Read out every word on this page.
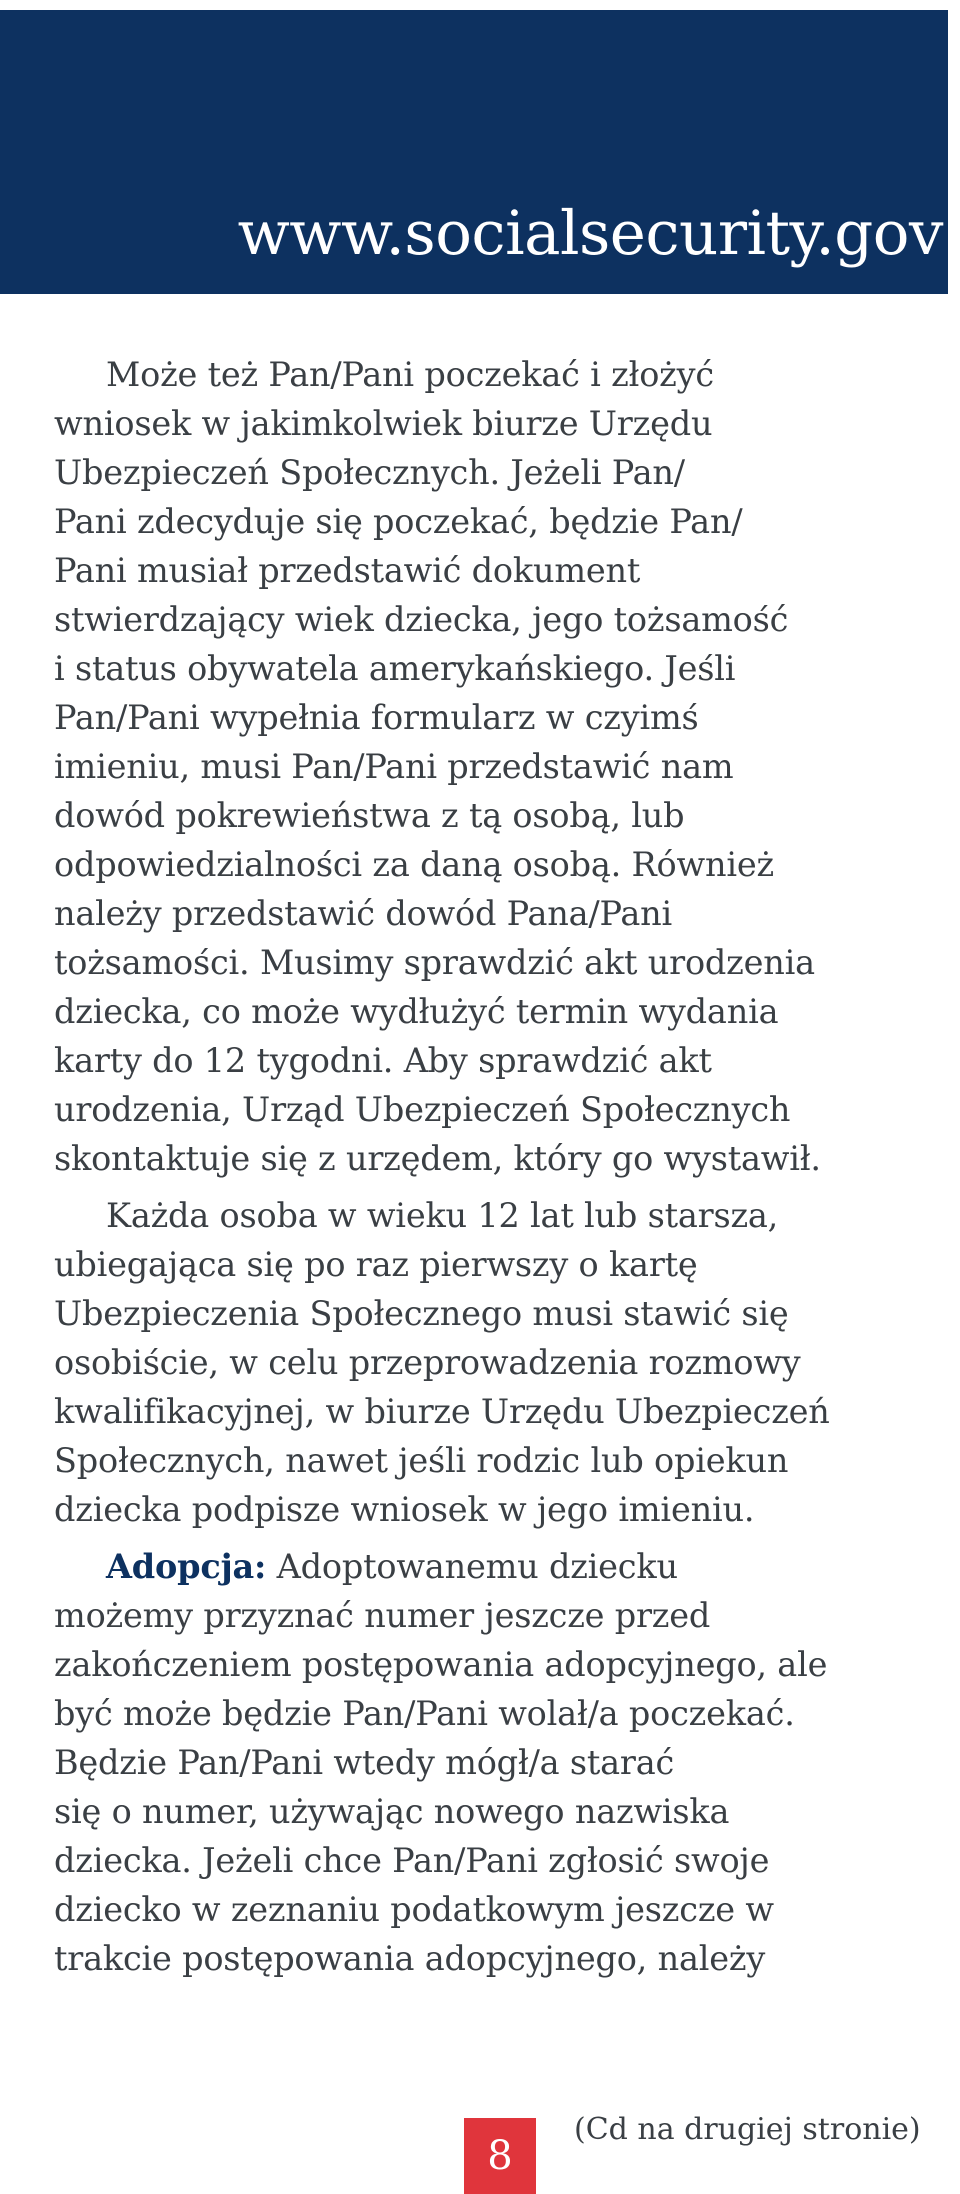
www.socialsecurity.gov
Może też Pan/Pani poczekać i złożyć
wniosek w jakimkolwiek biurze Urzędu
Ubezpieczeń Społecznych. Jeżeli Pan/
Pani zdecyduje się poczekać, będzie Pan/
Pani musiał przedstawić dokument
stwierdzający wiek dziecka, jego tożsamość
i status obywatela amerykańskiego. Jeśli
Pan/Pani wypełnia formularz w czyimś
imieniu, musi Pan/Pani przedstawić nam
dowód pokrewieństwa z tą osobą, lub
odpowiedzialności za daną osobą. Również
należy przedstawić dowód Pana/Pani
tożsamości. Musimy sprawdzić akt urodzenia
dziecka, co może wydłużyć termin wydania
karty do 12 tygodni. Aby sprawdzić akt
urodzenia, Urząd Ubezpieczeń Społecznych
skontaktuje się z urzędem, który go wystawił.
Każda osoba w wieku 12 lat lub starsza,
ubiegająca się po raz pierwszy o kartę
Ubezpieczenia Społecznego musi stawić się
osobiście, w celu przeprowadzenia rozmowy
kwalifikacyjnej, w biurze Urzędu Ubezpieczeń
Społecznych, nawet jeśli rodzic lub opiekun
dziecka podpisze wniosek w jego imieniu.
Adopcja: Adoptowanemu dziecku
możemy przyznać numer jeszcze przed
zakończeniem postępowania adopcyjnego, ale
być może będzie Pan/Pani wolał/a poczekać.
Będzie Pan/Pani wtedy mógł/a starać
się o numer, używając nowego nazwiska
dziecka. Jeżeli chce Pan/Pani zgłosić swoje
dziecko w zeznaniu podatkowym jeszcze w
trakcie postępowania adopcyjnego, należy
8
(Cd na drugiej stronie)
